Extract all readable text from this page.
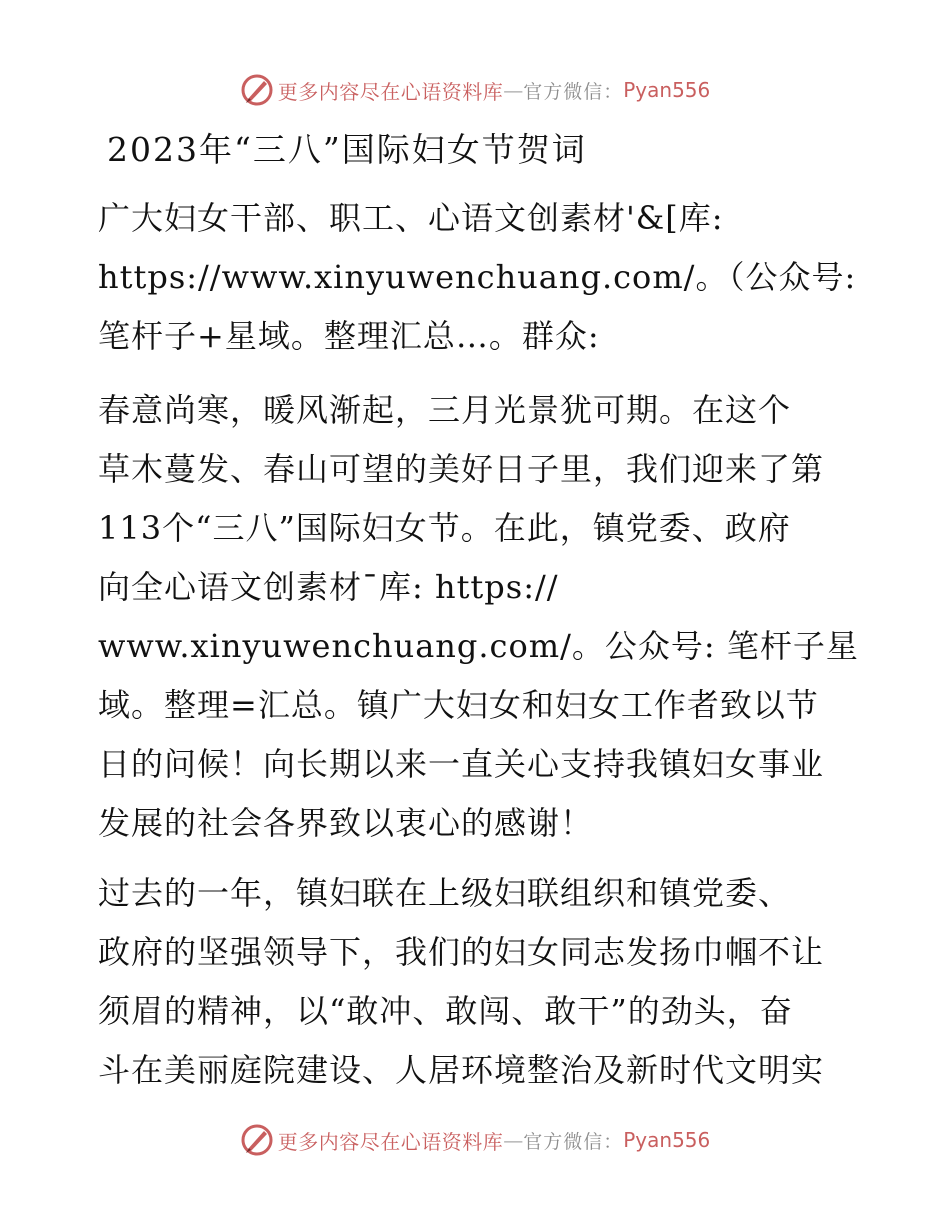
更多内容尽在心语资料库 — 官方微信： Pyan556
2023年“三八”国际妇女节贺词
广大妇女干部、职工、心语文创素材'&[库:
https://www.xinyuwenchuang.com/。（公众号:
笔杆子+星域。整理汇总…。群众:
春意尚寒，暖风渐起，三月光景犹可期。在这个
草木蔓发、春山可望的美好日子里，我们迎来了第
113个“三八”国际妇女节。在此，镇党委、政府
向全心语文创素材¯库: https://
www.xinyuwenchuang.com/。公众号: 笔杆子星
域。整理=汇总。镇广大妇女和妇女工作者致以节
日的问候！向长期以来一直关心支持我镇妇女事业
发展的社会各界致以衷心的感谢！
过去的一年，镇妇联在上级妇联组织和镇党委、
政府的坚强领导下，我们的妇女同志发扬巾帼不让
须眉的精神，以“敢冲、敢闯、敢干”的劲头，奋
斗在美丽庭院建设、人居环境整治及新时代文明实
更多内容尽在心语资料库 — 官方微信： Pyan556
